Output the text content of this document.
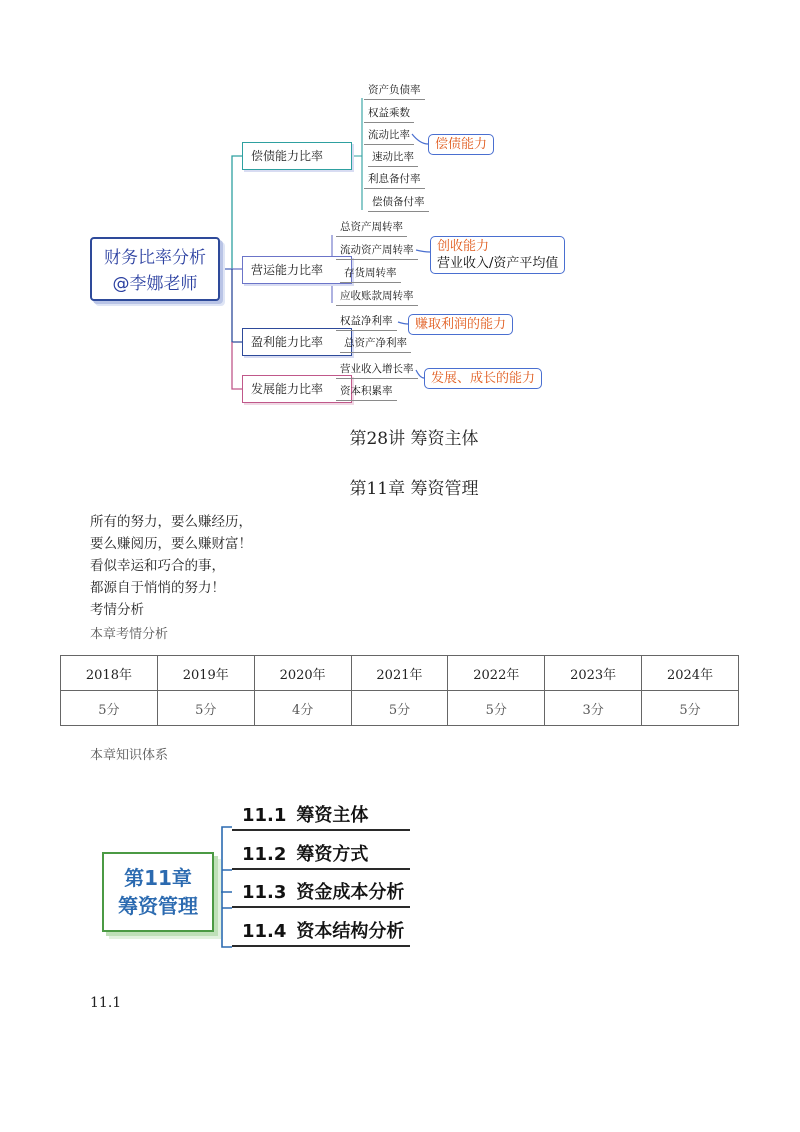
财务比率分析
@李娜老师
偿债能力比率
营运能力比率
盈利能力比率
发展能力比率
资产负债率
权益乘数
流动比率
速动比率
利息备付率
偿债备付率
总资产周转率
流动资产周转率
存货周转率
应收账款周转率
权益净利率
总资产净利率
营业收入增长率
资本积累率
偿债能力
创收能力
营业收入/资产平均值
赚取利润的能力
发展、成长的能力
第28讲 筹资主体
第11章 筹资管理

所有的努力，要么赚经历，

要么赚阅历，要么赚财富！

看似幸运和巧合的事，

都源自于悄悄的努力！

考情分析
本章考情分析
2018年	2019年	2020年	2021年	2022年	2023年	2024年
5分	5分	4分	5分	5分	3分	5分
本章知识体系
第11章
筹资管理
11.1 筹资主体
11.2 筹资方式
11.3 资金成本分析
11.4 资本结构分析
11.1
